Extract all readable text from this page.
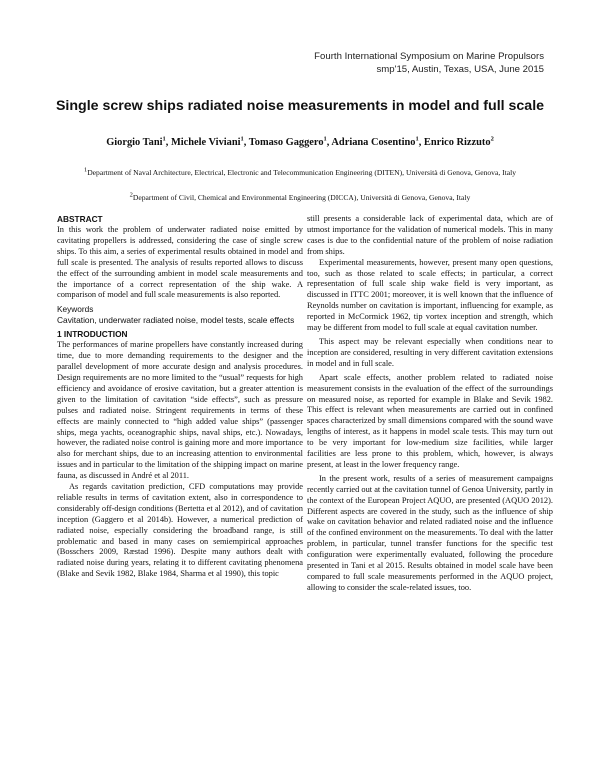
Fourth International Symposium on Marine Propulsors
smp'15, Austin, Texas, USA, June 2015
Single screw ships radiated noise measurements in model and full scale
Giorgio Tani$^1$, Michele Viviani$^1$, Tomaso Gaggero$^1$, Adriana Cosentino$^1$, Enrico Rizzuto$^2$
$^1$Department of Naval Architecture, Electrical, Electronic and Telecommunication Engineering (DITEN), Università di Genova, Genova, Italy
$^2$Department of Civil, Chemical and Environmental Engineering (DICCA), Università di Genova, Genova, Italy
ABSTRACT

In this work the problem of underwater radiated noise emitted by cavitating propellers is addressed, considering the case of single screw ships. To this aim, a series of experimental results obtained in model and full scale is presented. The analysis of results reported allows to discuss the effect of the surrounding ambient in model scale measurements and the importance of a correct representation of the ship wake. A comparison of model and full scale measurements is also reported.

Keywords

Cavitation, underwater radiated noise, model tests, scale effects

1 INTRODUCTION

The performances of marine propellers have constantly increased during time, due to more demanding requirements to the designer and the parallel development of more accurate design and analysis procedures. Design requirements are no more limited to the “usual” requests for high efficiency and avoidance of erosive cavitation, but a greater attention is given to the limitation of cavitation “side effects”, such as pressure pulses and radiated noise. Stringent requirements in terms of these effects are mainly connected to “high added value ships” (passenger ships, mega yachts, oceanographic ships, naval ships, etc.). Nowadays, however, the radiated noise control is gaining more and more importance also for merchant ships, due to an increasing attention to environmental issues and in particular to the limitation of the shipping impact on marine fauna, as discussed in André et al 2011.

As regards cavitation prediction, CFD computations may provide reliable results in terms of cavitation extent, also in correspondence to considerably off-design conditions (Bertetta et al 2012), and of cavitation inception (Gaggero et al 2014b). However, a numerical prediction of radiated noise, especially considering the broadband range, is still problematic and based in many cases on semiempirical approaches (Bosschers 2009, Ræstad 1996). Despite many authors dealt with radiated noise during years, relating it to different cavitating phenomena (Blake and Sevik 1982, Blake 1984, Sharma et al 1990), this topic

still presents a considerable lack of experimental data, which are of utmost importance for the validation of numerical models. This in many cases is due to the confidential nature of the problem of noise radiation from ships.

Experimental measurements, however, present many open questions, too, such as those related to scale effects; in particular, a correct representation of full scale ship wake field is very important, as discussed in ITTC 2001; moreover, it is well known that the influence of Reynolds number on cavitation is important, influencing for example, as reported in McCormick 1962, tip vortex inception and strength, which may be different from model to full scale at equal cavitation number.

This aspect may be relevant especially when conditions near to inception are considered, resulting in very different cavitation extensions in model and in full scale.

Apart scale effects, another problem related to radiated noise measurement consists in the evaluation of the effect of the surroundings on measured noise, as reported for example in Blake and Sevik 1982. This effect is relevant when measurements are carried out in confined spaces characterized by small dimensions compared with the sound wave lengths of interest, as it happens in model scale tests. This may turn out to be very important for low-medium size facilities, while larger facilities are less prone to this problem, which, however, is always present, at least in the lower frequency range.

In the present work, results of a series of measurement campaigns recently carried out at the cavitation tunnel of Genoa University, partly in the context of the European Project AQUO, are presented (AQUO 2012). Different aspects are covered in the study, such as the influence of ship wake on cavitation behavior and related radiated noise and the influence of the confined environment on the measurements. To deal with the latter problem, in particular, tunnel transfer functions for the specific test configuration were experimentally evaluated, following the procedure presented in Tani et al 2015. Results obtained in model scale have been compared to full scale measurements performed in the AQUO project, allowing to consider the scale-related issues, too.
